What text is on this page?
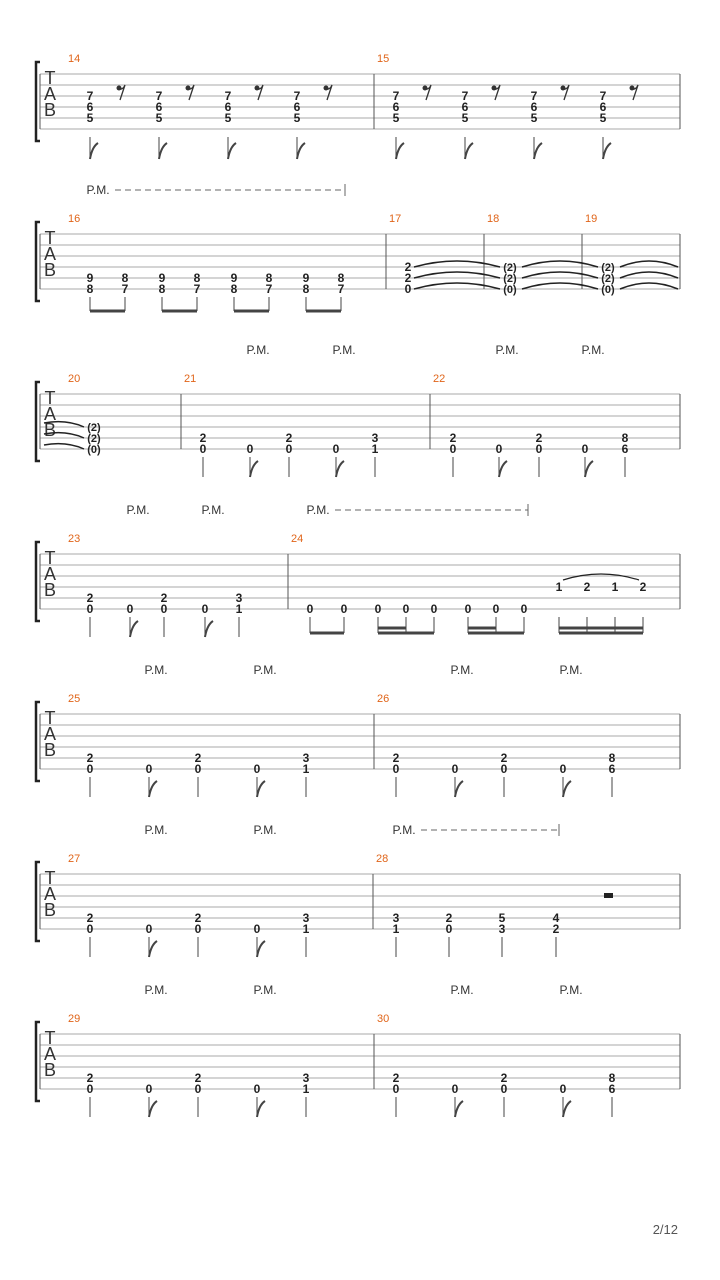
T
A
B
14
7
6
5
7
6
5
7
6
5
7
6
5
15
7
6
5
7
6
5
7
6
5
7
6
5
T
A
B
16
9
8
8
7
9
8
8
7
9
8
8
7
9
8
8
7
17
2
2
0
18
(2)
(2)
(0)
19
(2)
(2)
(0)
P.M.
T
A
B
20
(2)
(2)
(0)
21
2
0	0
2
0	0
3
1
22
2
0	0
2
0	0
8
6
P.M.	P.M.	P.M.	P.M.
T
A
B
23
2
0	0
2
0	0
3
1
24
0 0 0 0 0 0 0 0
1 2 1 2
P.M.	P.M.	P.M.
T
A
B
25
2
0	0
2
0	0
3
1
26
2
0	0
2
0	0
8
6
P.M.	P.M.	P.M.	P.M.
T
A
B
27
2
0	0
2
0	0
3
1
28
3
1
2
0
5
3
4
2
P.M.	P.M.	P.M.
T
A
B
29
2
0	0
2
0	0
3
1
30
2
0	0
2
0	0
8
6
P.M.	P.M.	P.M.	P.M.
2/12
